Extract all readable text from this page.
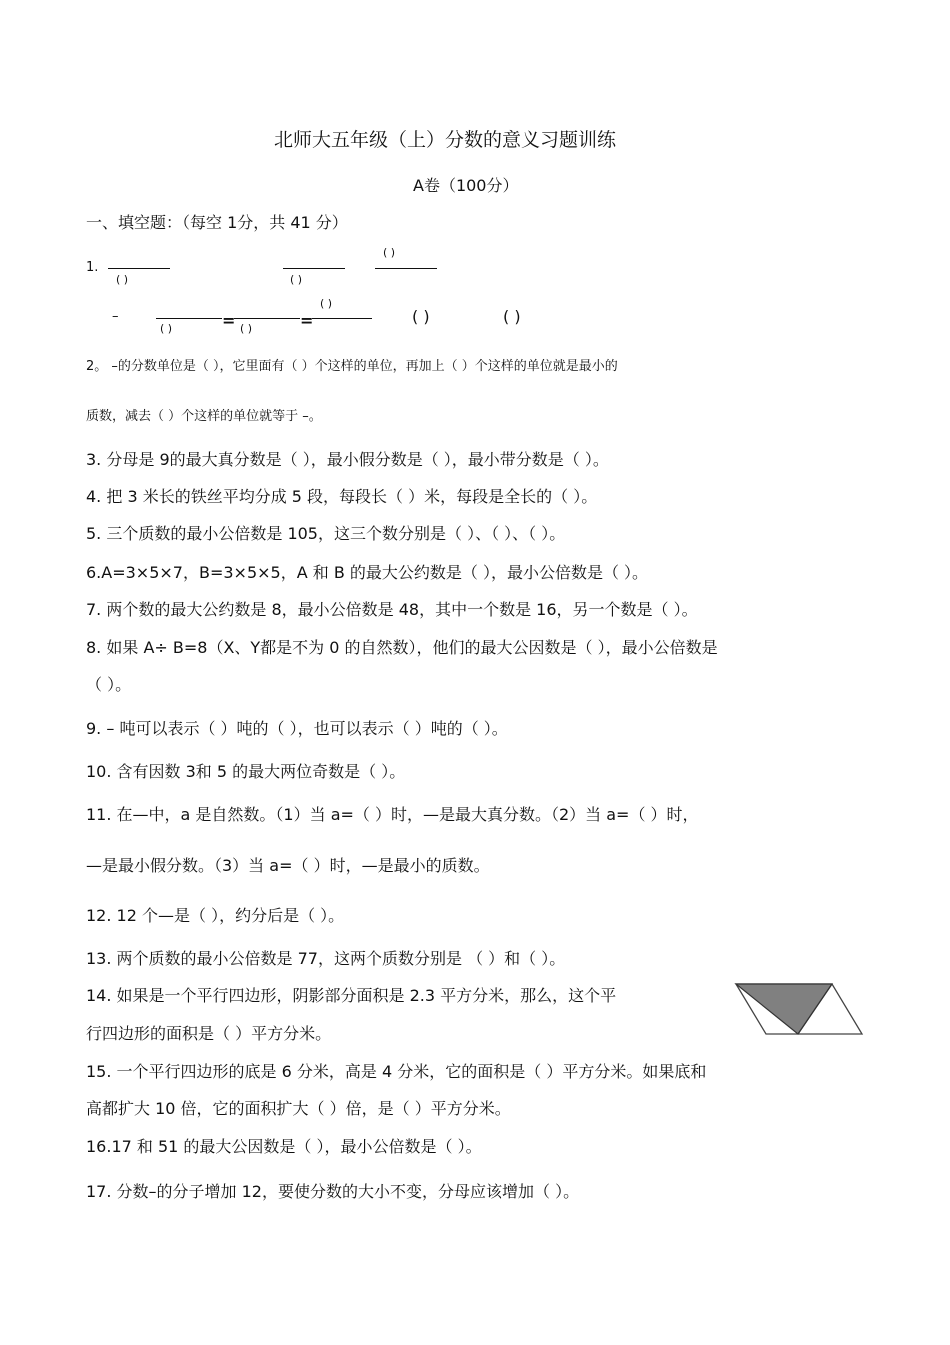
北师大五年级（上）分数的意义习题训练
A卷（100分）
一、填空题：（每空 1分，共 41 分）
1.
( )	( )
( )
–
( )	= ( )	=
( )
( )	( )
2。 –的分数单位是（ ），它里面有（ ）个这样的单位，再加上（ ）个这样的单位就是最小的
质数，减去（ ）个这样的单位就等于 –。
3. 分母是 9的最大真分数是（ ），最小假分数是（ ），最小带分数是（ ）。
4. 把 3 米长的铁丝平均分成 5 段，每段长（ ）米，每段是全长的（ ）。
5. 三个质数的最小公倍数是 105，这三个数分别是（ ）、（ ）、（ ）。
6.A=3×5×7，B=3×5×5，A 和 B 的最大公约数是（ ），最小公倍数是（ ）。
7. 两个数的最大公约数是 8，最小公倍数是 48，其中一个数是 16，另一个数是（ ）。
8. 如果 A÷ B=8（X、Y都是不为 0 的自然数），他们的最大公因数是（ ），最小公倍数是
（ ）。
9. – 吨可以表示（ ）吨的（ ），也可以表示（ ）吨的（ ）。
10. 含有因数 3和 5 的最大两位奇数是（ ）。
11. 在—中，a 是自然数。（1）当 a=（ ）时，—是最大真分数。（2）当 a=（ ）时，
—是最小假分数。（3）当 a=（ ）时，—是最小的质数。
12. 12 个—是（ ），约分后是（ ）。
13. 两个质数的最小公倍数是 77，这两个质数分别是 （ ）和（ ）。
14. 如果是一个平行四边形，阴影部分面积是 2.3 平方分米，那么，这个平
行四边形的面积是（ ）平方分米。
15. 一个平行四边形的底是 6 分米，高是 4 分米，它的面积是（ ）平方分米。如果底和
高都扩大 10 倍，它的面积扩大（ ）倍，是（ ）平方分米。
16.17 和 51 的最大公因数是（ ），最小公倍数是（ ）。
17. 分数–的分子增加 12，要使分数的大小不变，分母应该增加（ ）。
